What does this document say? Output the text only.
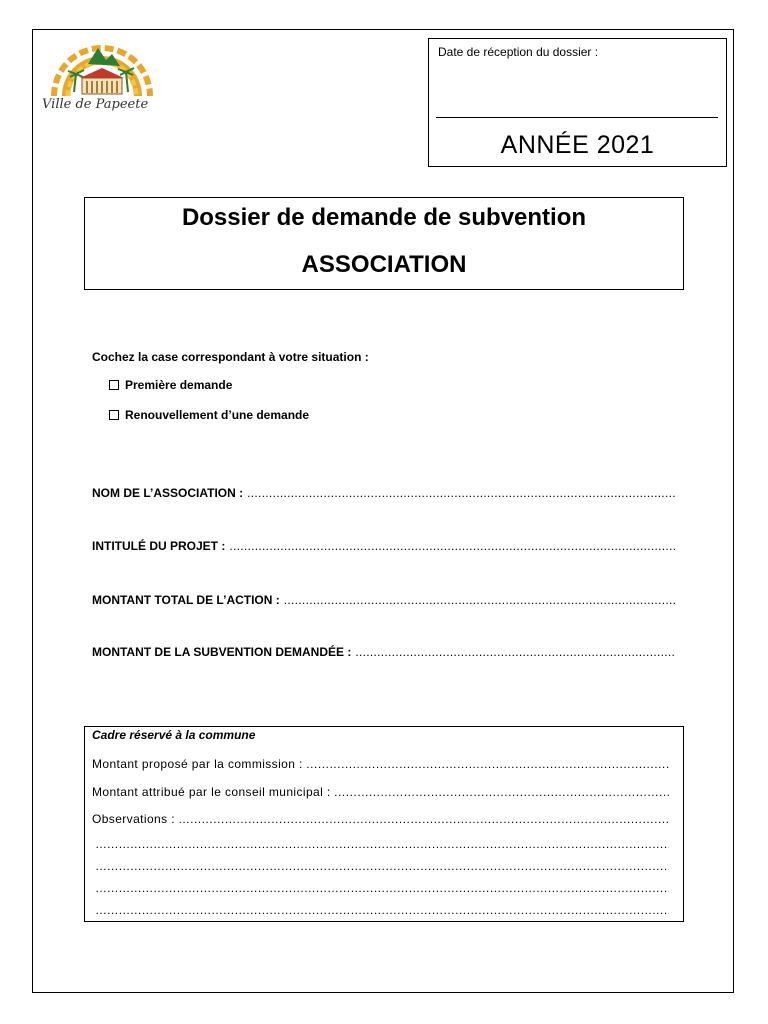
Ville de Papeete
Date de réception du dossier :
ANNÉE 2021
Dossier de demande de subvention
ASSOCIATION
Cochez la case correspondant à votre situation :
Première demande
Renouvellement d’une demande
NOM DE L’ASSOCIATION :
.....
INTITULÉ DU PROJET :
.....
MONTANT TOTAL DE L’ACTION :
.....
MONTANT DE LA SUBVENTION DEMANDÉE :
.....
Cadre réservé à la commune
Montant proposé par la commission :
……………………………………………………………………………………………………………………………………………………………………
Montant attribué par le conseil municipal :
……………………………………………………………………………………………………………………………………………………………………
Observations :
……………………………………………………………………………………………………………………………………………………………………
……………………………………………………………………………………………………………………………………………………………………
……………………………………………………………………………………………………………………………………………………………………
……………………………………………………………………………………………………………………………………………………………………
……………………………………………………………………………………………………………………………………………………………………
